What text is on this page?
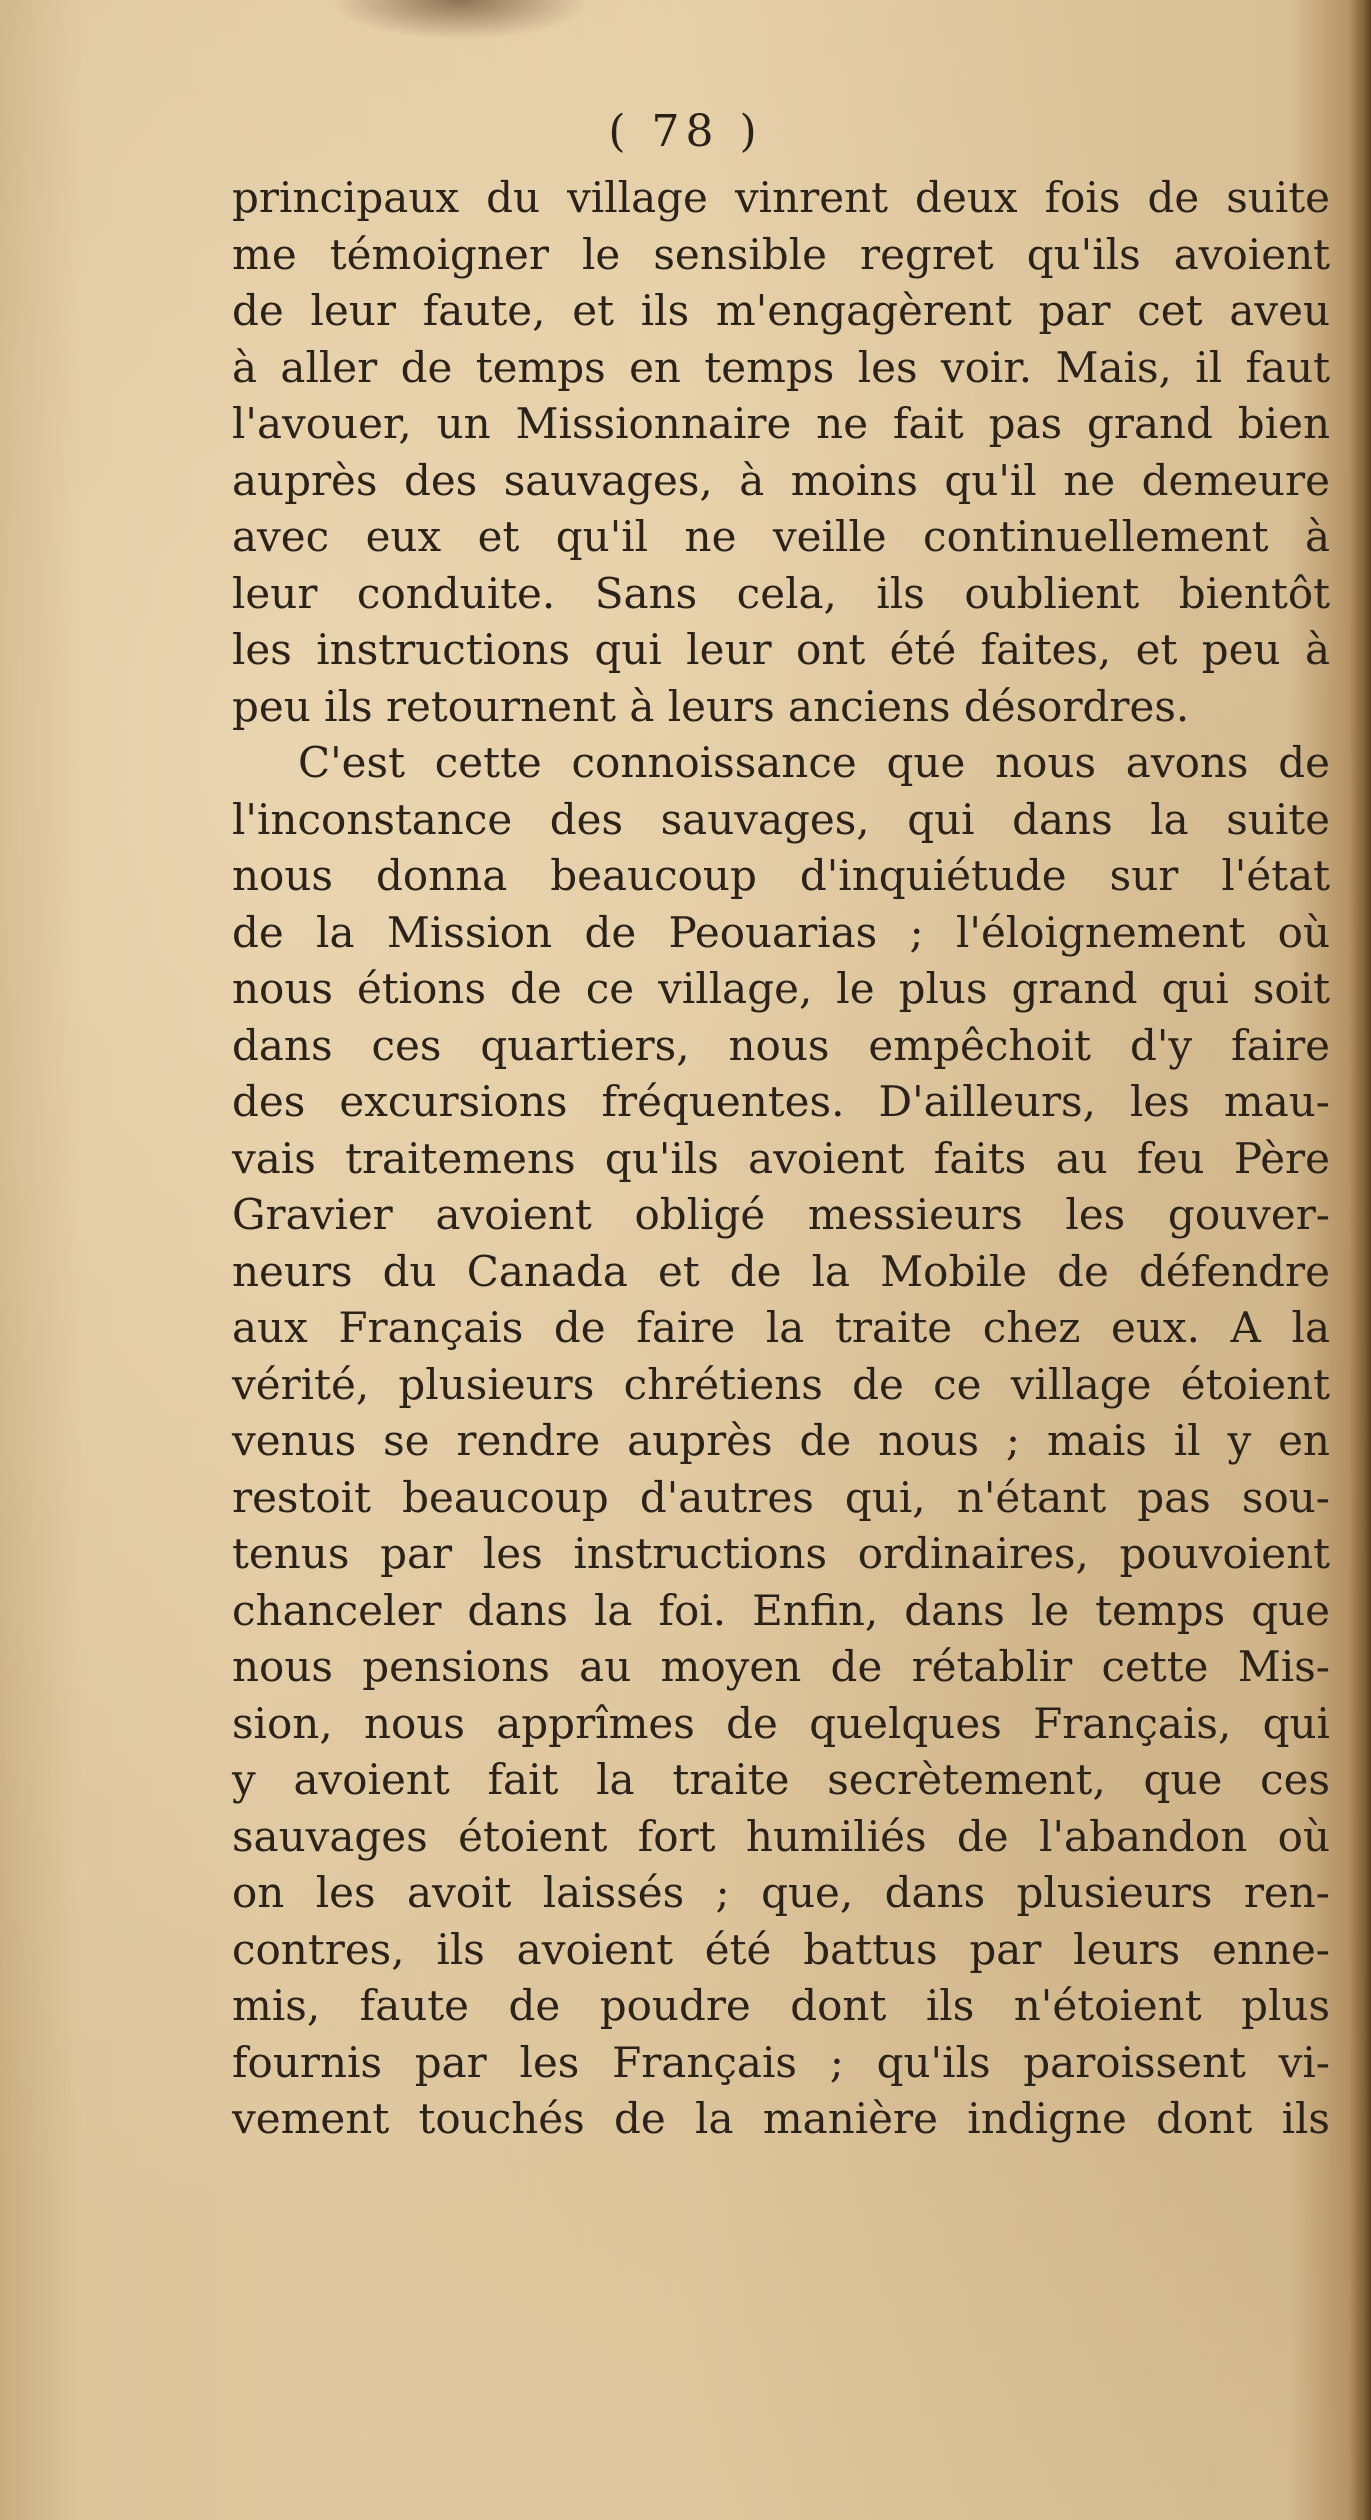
( 78 )
principaux du village vinrent deux fois de suite
me témoigner le sensible regret qu'ils avoient
de leur faute, et ils m'engagèrent par cet aveu
à aller de temps en temps les voir. Mais, il faut
l'avouer, un Missionnaire ne fait pas grand bien
auprès des sauvages, à moins qu'il ne demeure
avec eux et qu'il ne veille continuellement à
leur conduite. Sans cela, ils oublient bientôt
les instructions qui leur ont été faites, et peu à
peu ils retournent à leurs anciens désordres.
C'est cette connoissance que nous avons de
l'inconstance des sauvages, qui dans la suite
nous donna beaucoup d'inquiétude sur l'état
de la Mission de Peouarias ; l'éloignement où
nous étions de ce village, le plus grand qui soit
dans ces quartiers, nous empêchoit d'y faire
des excursions fréquentes. D'ailleurs, les mau-
vais traitemens qu'ils avoient faits au feu Père
Gravier avoient obligé messieurs les gouver-
neurs du Canada et de la Mobile de défendre
aux Français de faire la traite chez eux. A la
vérité, plusieurs chrétiens de ce village étoient
venus se rendre auprès de nous ; mais il y en
restoit beaucoup d'autres qui, n'étant pas sou-
tenus par les instructions ordinaires, pouvoient
chanceler dans la foi. Enfin, dans le temps que
nous pensions au moyen de rétablir cette Mis-
sion, nous apprîmes de quelques Français, qui
y avoient fait la traite secrètement, que ces
sauvages étoient fort humiliés de l'abandon où
on les avoit laissés ; que, dans plusieurs ren-
contres, ils avoient été battus par leurs enne-
mis, faute de poudre dont ils n'étoient plus
fournis par les Français ; qu'ils paroissent vi-
vement touchés de la manière indigne dont ils
